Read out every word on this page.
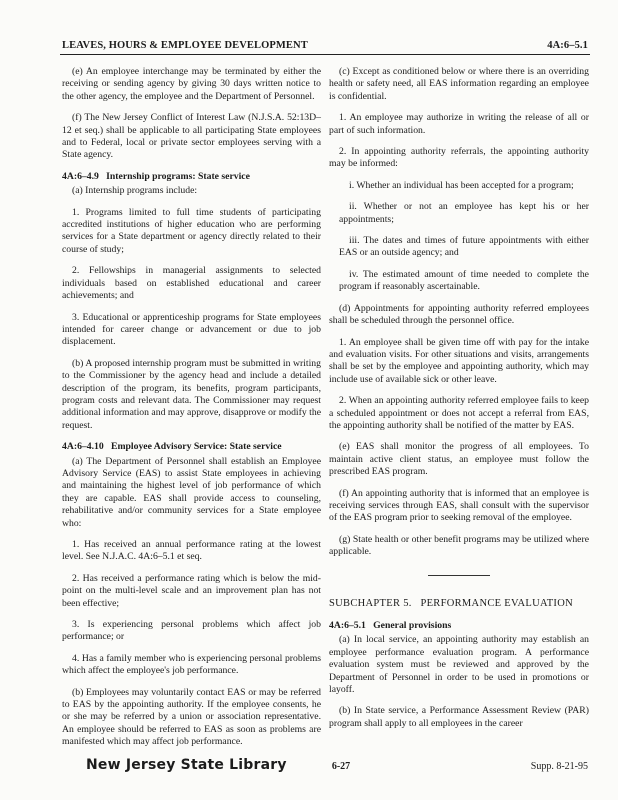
LEAVES, HOURS & EMPLOYEE DEVELOPMENT	4A:6–5.1

(e) An employee interchange may be terminated by either the receiving or sending agency by giving 30 days written notice to the other agency, the employee and the Department of Personnel.

(f) The New Jersey Conflict of Interest Law (N.J.S.A. 52:13D–12 et seq.) shall be applicable to all participating State employees and to Federal, local or private sector employees serving with a State agency.

4A:6–4.9 Internship programs: State service

(a) Internship programs include:

1. Programs limited to full time students of participating accredited institutions of higher education who are performing services for a State department or agency directly related to their course of study;

2. Fellowships in managerial assignments to selected individuals based on established educational and career achievements; and

3. Educational or apprenticeship programs for State employees intended for career change or advancement or due to job displacement.

(b) A proposed internship program must be submitted in writing to the Commissioner by the agency head and include a detailed description of the program, its benefits, program participants, program costs and relevant data. The Commissioner may request additional information and may approve, disapprove or modify the request.

4A:6–4.10 Employee Advisory Service: State service

(a) The Department of Personnel shall establish an Employee Advisory Service (EAS) to assist State employees in achieving and maintaining the highest level of job performance of which they are capable. EAS shall provide access to counseling, rehabilitative and/or community services for a State employee who:

1. Has received an annual performance rating at the lowest level. See N.J.A.C. 4A:6–5.1 et seq.

2. Has received a performance rating which is below the mid-point on the multi-level scale and an improvement plan has not been effective;

3. Is experiencing personal problems which affect job performance; or

4. Has a family member who is experiencing personal problems which affect the employee's job performance.

(b) Employees may voluntarily contact EAS or may be referred to EAS by the appointing authority. If the employee consents, he or she may be referred by a union or association representative. An employee should be referred to EAS as soon as problems are manifested which may affect job performance.

(c) Except as conditioned below or where there is an overriding health or safety need, all EAS information regarding an employee is confidential.

1. An employee may authorize in writing the release of all or part of such information.

2. In appointing authority referrals, the appointing authority may be informed:

i. Whether an individual has been accepted for a program;

ii. Whether or not an employee has kept his or her appointments;

iii. The dates and times of future appointments with either EAS or an outside agency; and

iv. The estimated amount of time needed to complete the program if reasonably ascertainable.

(d) Appointments for appointing authority referred employees shall be scheduled through the personnel office.

1. An employee shall be given time off with pay for the intake and evaluation visits. For other situations and visits, arrangements shall be set by the employee and appointing authority, which may include use of available sick or other leave.

2. When an appointing authority referred employee fails to keep a scheduled appointment or does not accept a referral from EAS, the appointing authority shall be notified of the matter by EAS.

(e) EAS shall monitor the progress of all employees. To maintain active client status, an employee must follow the prescribed EAS program.

(f) An appointing authority that is informed that an employee is receiving services through EAS, shall consult with the supervisor of the EAS program prior to seeking removal of the employee.

(g) State health or other benefit programs may be utilized where applicable.

SUBCHAPTER 5.   PERFORMANCE EVALUATION

4A:6–5.1 General provisions

(a) In local service, an appointing authority may establish an employee performance evaluation program. A performance evaluation system must be reviewed and approved by the Department of Personnel in order to be used in promotions or layoff.

(b) In State service, a Performance Assessment Review (PAR) program shall apply to all employees in the career

New Jersey State Library	6-27	Supp. 8-21-95
